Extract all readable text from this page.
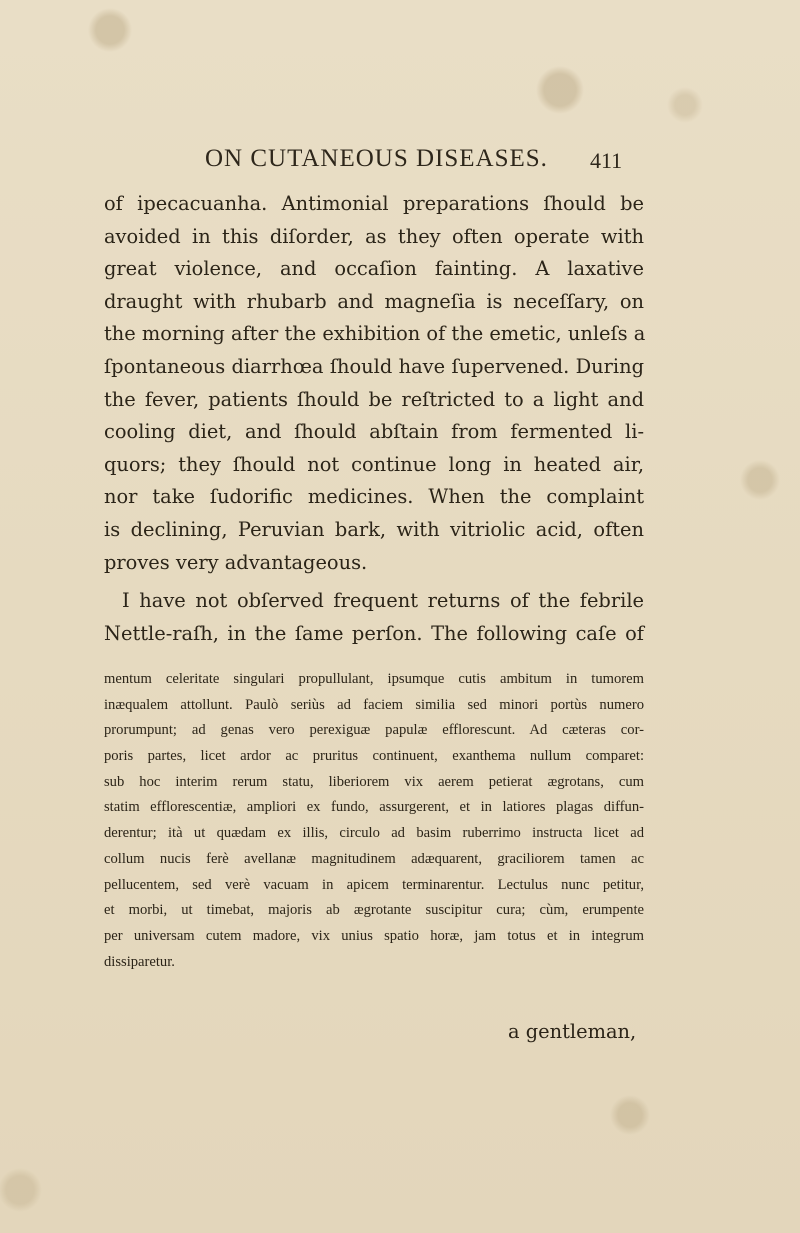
ON CUTANEOUS DISEASES. 411
of ipecacuanha. Antimonial preparations ſhould be
avoided in this diſorder, as they often operate with
great violence, and occaſion fainting. A laxative
draught with rhubarb and magneſia is neceſſary, on
the morning after the exhibition of the emetic, unleſs a
ſpontaneous diarrhœa ſhould have ſupervened. During
the fever, patients ſhould be reſtricted to a light and
cooling diet, and ſhould abſtain from fermented li-
quors; they ſhould not continue long in heated air,
nor take ſudorific medicines. When the complaint
is declining, Peruvian bark, with vitriolic acid, often
proves very advantageous.
I have not obſerved frequent returns of the febrile
Nettle-raſh, in the ſame perſon. The following caſe of
mentum celeritate singulari propullulant, ipsumque cutis ambitum in tumorem
inæqualem attollunt. Paulò seriùs ad faciem similia sed minori portùs numero
prorumpunt; ad genas vero perexiguæ papulæ efflorescunt. Ad cæteras cor-
poris partes, licet ardor ac pruritus continuent, exanthema nullum comparet:
sub hoc interim rerum statu, liberiorem vix aerem petierat ægrotans, cum
statim efflorescentiæ, ampliori ex fundo, assurgerent, et in latiores plagas diffun-
derentur; ità ut quædam ex illis, circulo ad basim ruberrimo instructa licet ad
collum nucis ferè avellanæ magnitudinem adæquarent, graciliorem tamen ac
pellucentem, sed verè vacuam in apicem terminarentur. Lectulus nunc petitur,
et morbi, ut timebat, majoris ab ægrotante suscipitur cura; cùm, erumpente
per universam cutem madore, vix unius spatio horæ, jam totus et in integrum
dissiparetur.
a gentleman,
